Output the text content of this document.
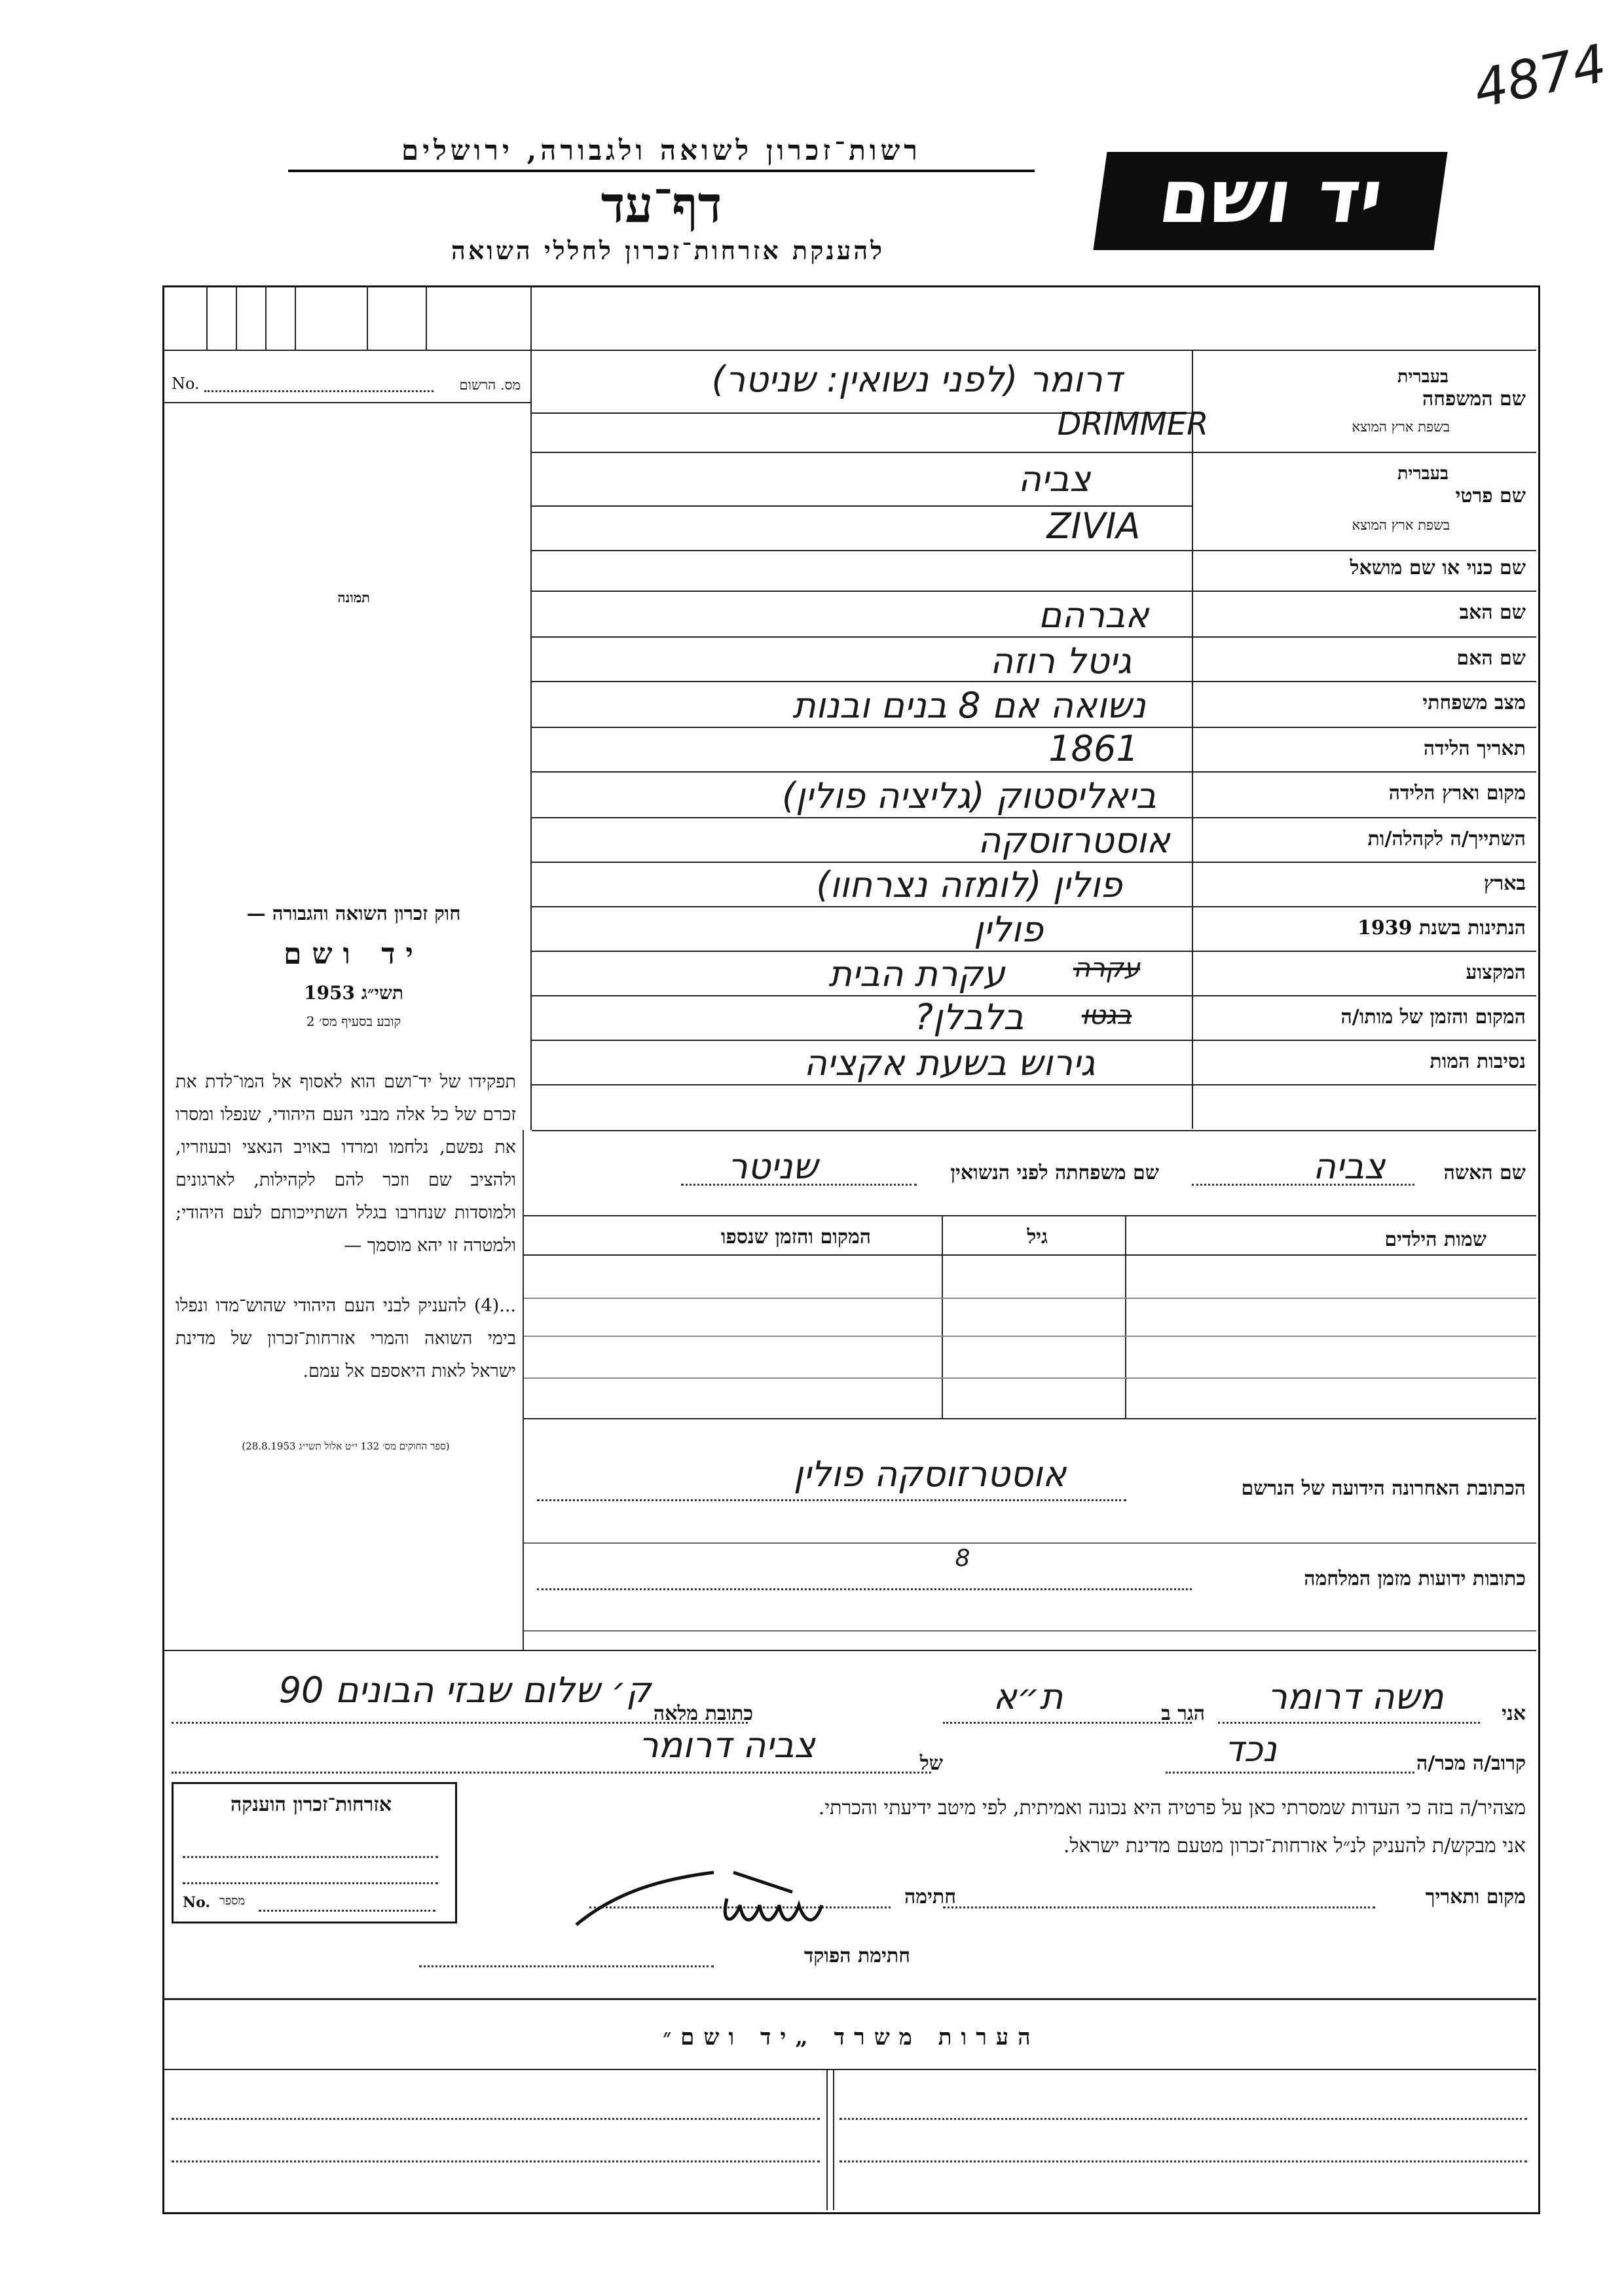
4874
רשות־זכרון לשואה ולגבורה, ירושלים
דף־עד
להענקת אזרחות־זכרון לחללי השואה
יד ושם
מס. הרשום
No.
תמונה
חוק זכרון השואה והגבורה —
יד ושם
תשי״ג 1953
קובע בסעיף מס׳ 2
תפקידו של יד־ושם הוא לאסוף אל המו־לדת את זכרם של כל אלה מבני העם היהודי, שנפלו ומסרו את נפשם, נלחמו ומרדו באויב הנאצי ובעוזריו, ולהציב שם וזכר להם לקהילות, לארגונים ולמוסדות שנחרבו בגלל השתייכותם לעם היהודי; ולמטרה זו יהא מוסמך —
...(4) להעניק לבני העם היהודי שהוש־מדו ונפלו בימי השואה והמרי אזרחות־זכרון של מדינת ישראל לאות היאספם אל עמם.
(ספר החוקים מס׳ 132 י״ט אלול תשי״ג 28.8.1953)
שם המשפחה
בעברית
בשפת ארץ המוצא
דרומר (לפני נשואין: שניטר)
DRIMMER
שם פרטי
בעברית
בשפת ארץ המוצא
צביה
ZIVIA
שם כנוי או שם מושאל
שם האב
אברהם
שם האם
גיטל רוזה
מצב משפחתי
נשואה אם 8 בנים ובנות
תאריך הלידה
1861
מקום וארץ הלידה
ביאליסטוק (גליציה פולין)
השתייך/ה לקהלה/ות
אוסטרזוסקה
בארץ
פולין (לומזה נצרחוו)
הנתינות בשנת 1939
פולין
המקצוע
עקרה
עקרת הבית
המקום והזמן של מותו/ה
בגטו
בלבלן?
נסיבות המות
גירוש בשעת אקציה
שם האשה
צביה
שם משפחתה לפני הנשואין
שניטר
שמות הילדים
גיל
המקום והזמן שנספו
הכתובת האחרונה הידועה של הנרשם
אוסטרזוסקה פולין
כתובות ידועות מזמן המלחמה
8
אני
משה דרומר
הגר ב
ת״א
כתובת מלאה
ק׳ שלום שבזי הבונים 90
קרוב/ה מכר/ה
נכד
של
צביה דרומר
מצהיר/ה בזה כי העדות שמסרתי כאן על פרטיה היא נכונה ואמיתית, לפי מיטב ידיעתי והכרתי.
אני מבקש/ת להעניק לנ״ל אזרחות־זכרון מטעם מדינת ישראל.
מקום ותאריך
חתימה
חתימת הפוקד
אזרחות־זכרון הוענקה
No. מספר
הערות משרד „יד ושם״
